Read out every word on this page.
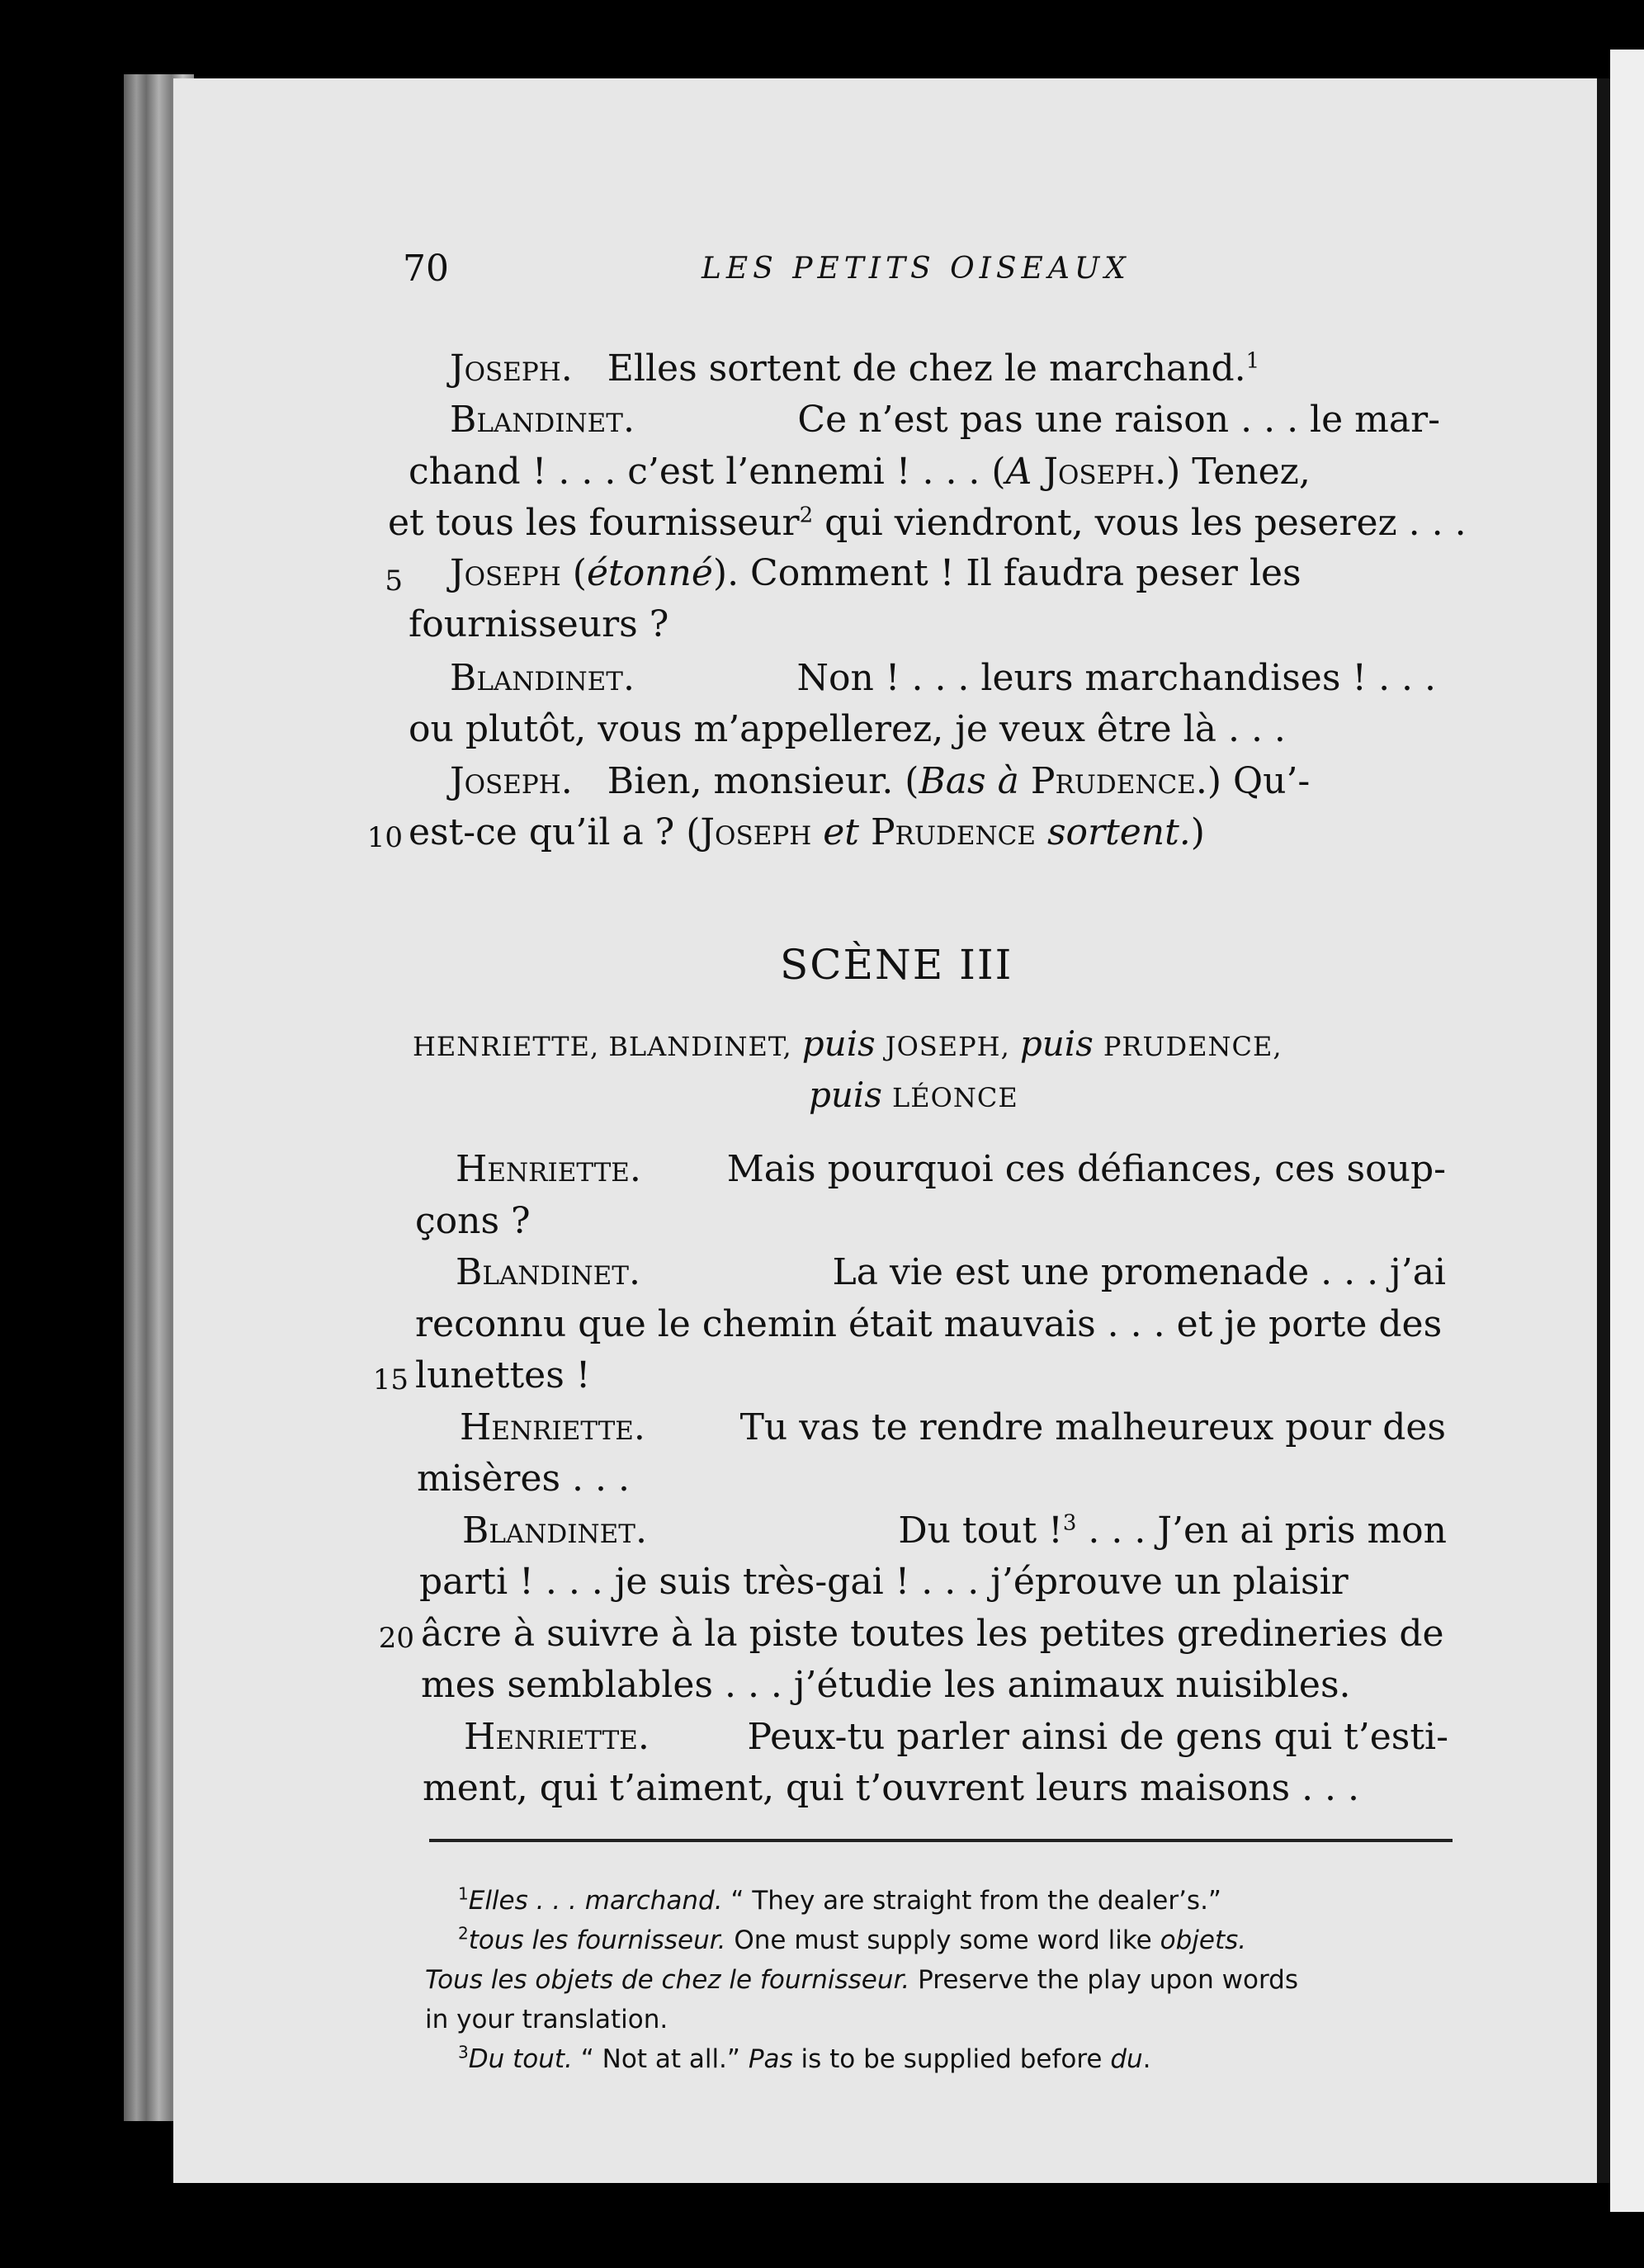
70	LES PETITS OISEAUX
Joseph. Elles sortent de chez le marchand.$^1$
Blandinet.	Ce n’est pas une raison . . . le mar-
chand ! . . . c’est l’ennemi ! . . . (A Joseph.) Tenez,
et tous les fournisseur$^2$ qui viendront, vous les peserez . . .
5 Joseph (étonné). Comment ! Il faudra peser les
fournisseurs ?
Blandinet.	Non ! . . . leurs marchandises ! . . .
ou plutôt, vous m’appellerez, je veux être là . . .
Joseph. Bien, monsieur. (Bas à Prudence.) Qu’-
10 est-ce qu’il a ? (Joseph et Prudence sortent.)
SCÈNE III
HENRIETTE, BLANDINET, puis JOSEPH, puis PRUDENCE,
puis LÉONCE
Henriette. Mais pourquoi ces défiances, ces soup-
çons ?
Blandinet.	La vie est une promenade . . . j’ai
reconnu que le chemin était mauvais . . . et je porte des
15 lunettes !
Henriette.	Tu vas te rendre malheureux pour des
misères . . .
Blandinet.	Du tout !$^3$ . . . J’en ai pris mon
parti ! . . . je suis très-gai ! . . . j’éprouve un plaisir
20 âcre à suivre à la piste toutes les petites gredineries de
mes semblables . . . j’étudie les animaux nuisibles.
Henriette.	Peux-tu parler ainsi de gens qui t’esti-
ment, qui t’aiment, qui t’ouvrent leurs maisons . . .
$^1$Elles . . . marchand. “ They are straight from the dealer’s.”
$^2$tous les fournisseur. One must supply some word like objets.
Tous les objets de chez le fournisseur. Preserve the play upon words
in your translation.
$^3$Du tout. “ Not at all.” Pas is to be supplied before du.
